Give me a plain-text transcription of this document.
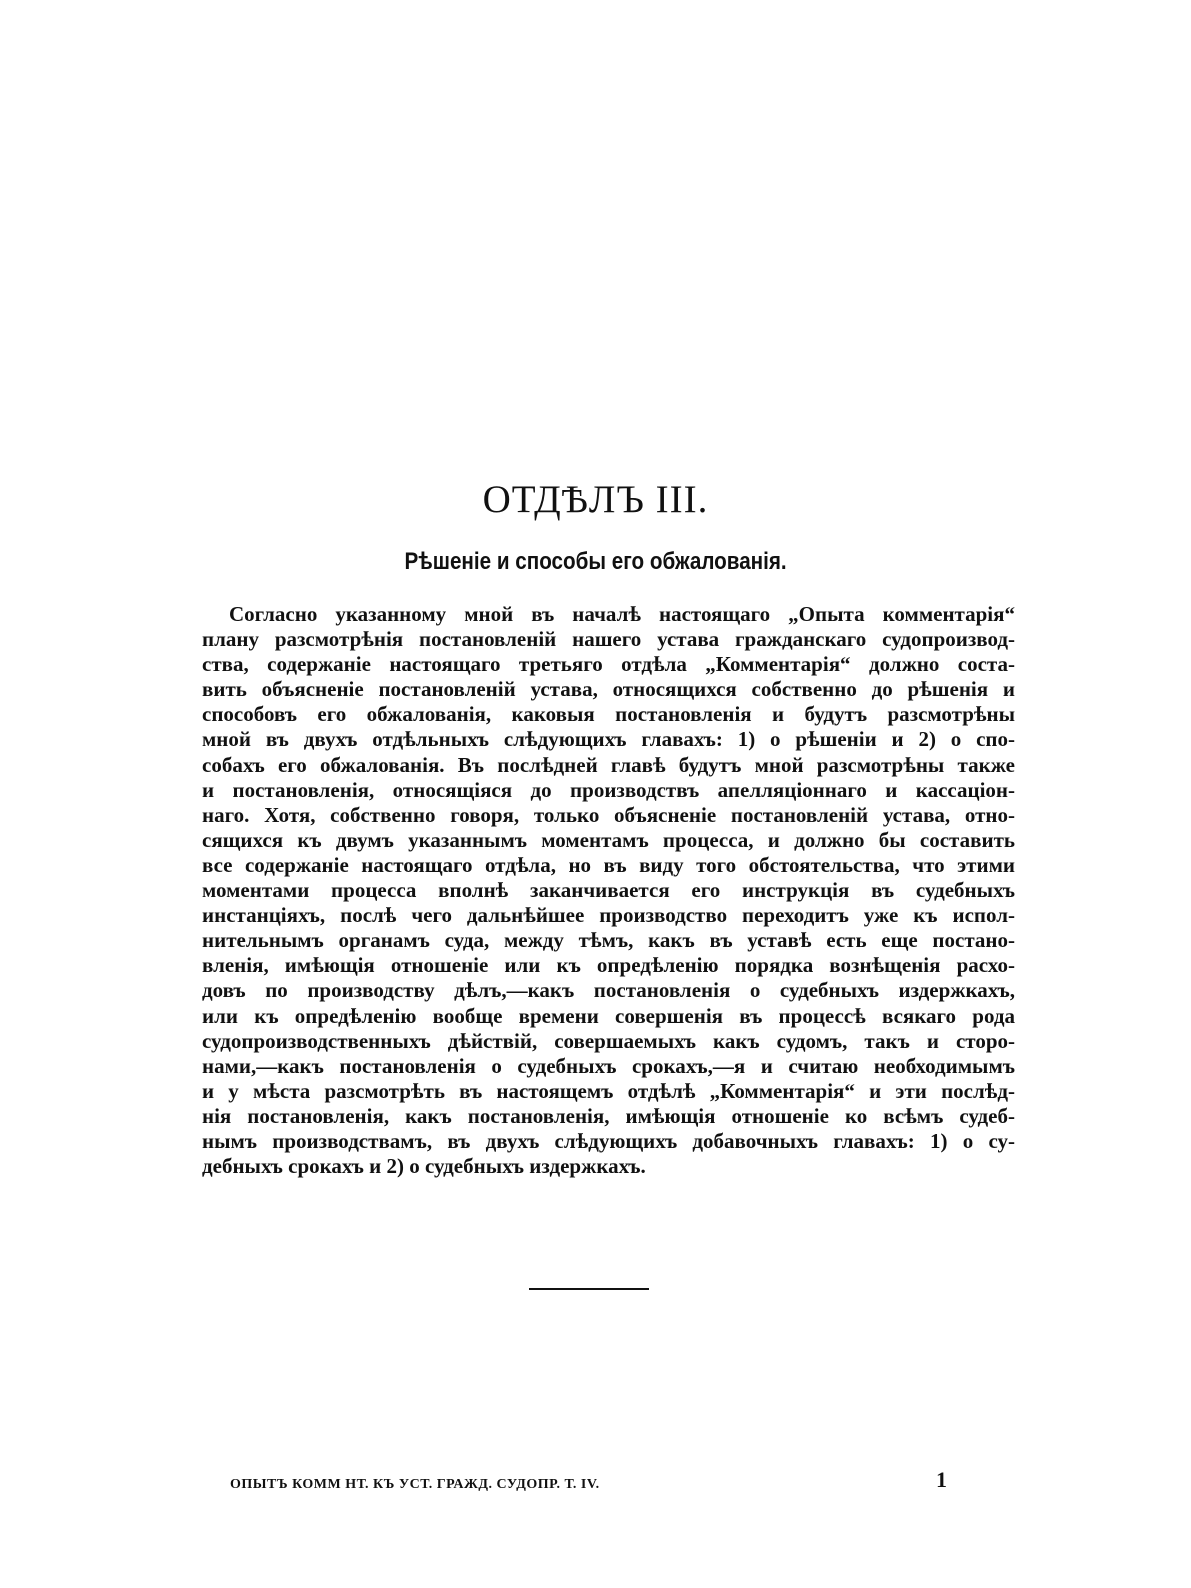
ОТДѢЛЪ III.
Рѣшеніе и способы его обжалованія.
Согласно указанному мной въ началѣ настоящаго „Опыта комментарія“
плану разсмотрѣнія постановленій нашего устава гражданскаго судопроизвод-
ства, содержаніе настоящаго третьяго отдѣла „Комментарія“ должно соста-
вить объясненіе постановленій устава, относящихся собственно до рѣшенія и
способовъ его обжалованія, каковыя постановленія и будутъ разсмотрѣны
мной въ двухъ отдѣльныхъ слѣдующихъ главахъ: 1) о рѣшеніи и 2) о спо-
собахъ его обжалованія. Въ послѣдней главѣ будутъ мной разсмотрѣны также
и постановленія, относящіяся до производствъ апелляціоннаго и кассаціон-
наго. Хотя, собственно говоря, только объясненіе постановленій устава, отно-
сящихся къ двумъ указаннымъ моментамъ процесса, и должно бы составить
все содержаніе настоящаго отдѣла, но въ виду того обстоятельства, что этими
моментами процесса вполнѣ заканчивается его инструкція въ судебныхъ
инстанціяхъ, послѣ чего дальнѣйшее производство переходитъ уже къ испол-
нительнымъ органамъ суда, между тѣмъ, какъ въ уставѣ есть еще постано-
вленія, имѣющія отношеніе или къ опредѣленію порядка вознѣщенія расхо-
довъ по производству дѣлъ,—какъ постановленія о судебныхъ издержкахъ,
или къ опредѣленію вообще времени совершенія въ процессѣ всякаго рода
судопроизводственныхъ дѣйствій, совершаемыхъ какъ судомъ, такъ и сторо-
нами,—какъ постановленія о судебныхъ срокахъ,—я и считаю необходимымъ
и у мѣста разсмотрѣть въ настоящемъ отдѣлѣ „Комментарія“ и эти послѣд-
нія постановленія, какъ постановленія, имѣющія отношеніе ко всѣмъ судеб-
нымъ производствамъ, въ двухъ слѣдующихъ добавочныхъ главахъ: 1) о су-
дебныхъ срокахъ и 2) о судебныхъ издержкахъ.
ОПЫТЪ КОММ НТ. КЪ УСТ. ГРАЖД. СУДОПР. Т. IV.	1
